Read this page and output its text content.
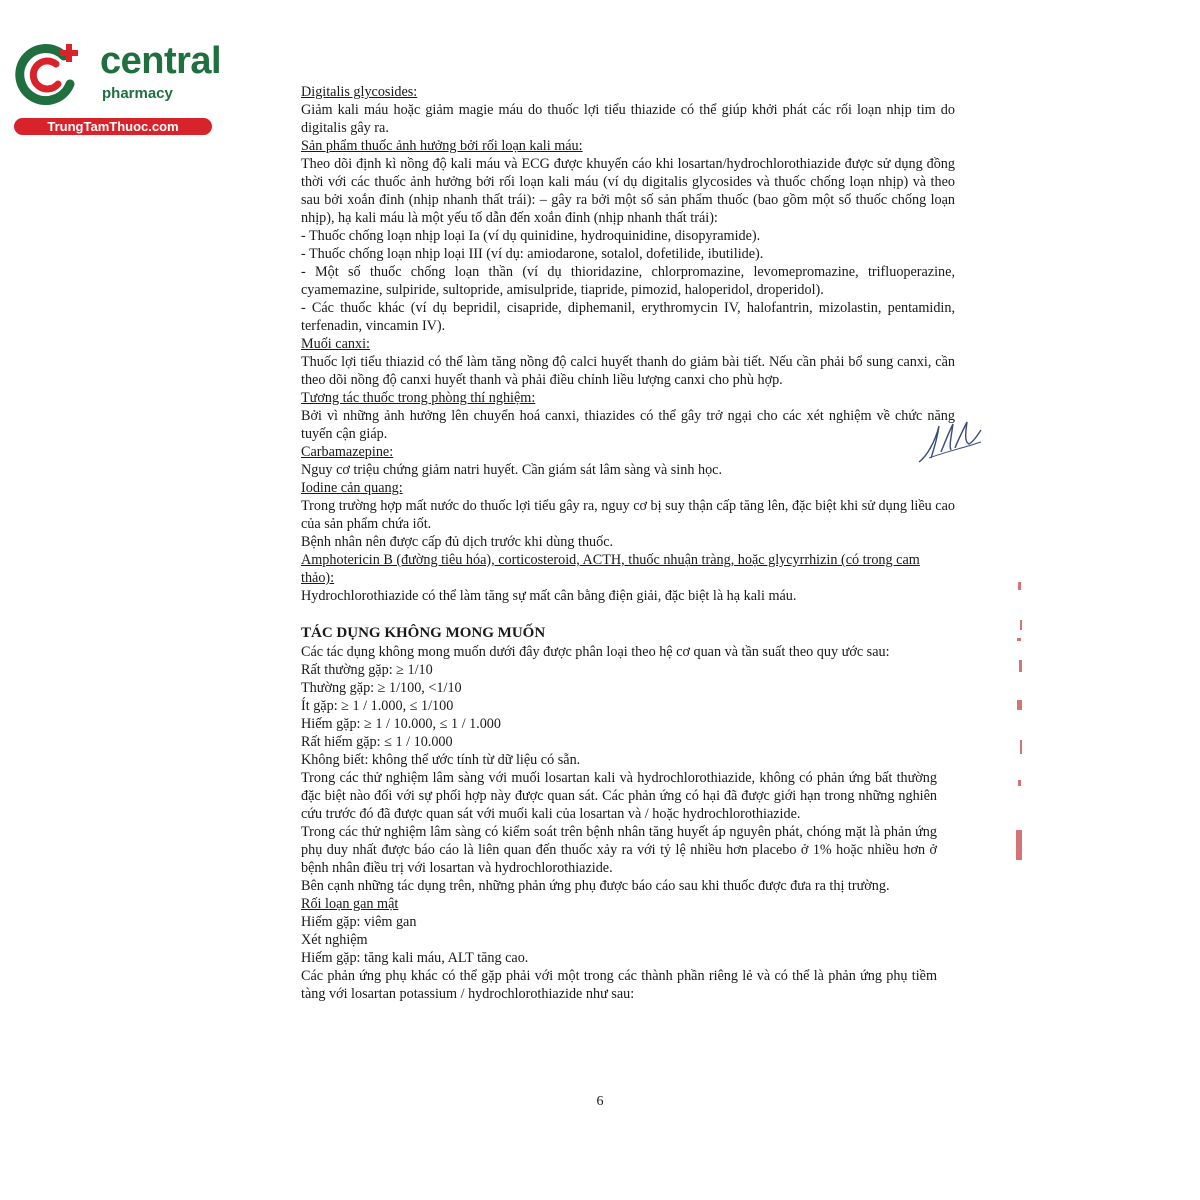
central
pharmacy
TrungTamThuoc.com

Digitalis glycosides:

Giảm kali máu hoặc giảm magie máu do thuốc lợi tiểu thiazide có thể giúp khởi phát các rối loạn nhịp tim do digitalis gây ra.

Sản phẩm thuốc ảnh hưởng bởi rối loạn kali máu:

Theo dõi định kì nồng độ kali máu và ECG được khuyến cáo khi losartan/hydrochlorothiazide được sử dụng đồng thời với các thuốc ảnh hưởng bởi rối loạn kali máu (ví dụ digitalis glycosides và thuốc chống loạn nhịp) và theo sau bởi xoắn đỉnh (nhịp nhanh thất trái): – gây ra bởi một số sản phẩm thuốc (bao gồm một số thuốc chống loạn nhịp), hạ kali máu là một yếu tố dẫn đến xoắn đỉnh (nhịp nhanh thất trái):

- Thuốc chống loạn nhịp loại Ia (ví dụ quinidine, hydroquinidine, disopyramide).

- Thuốc chống loạn nhịp loại III (ví dụ: amiodarone, sotalol, dofetilide, ibutilide).

- Một số thuốc chống loạn thần (ví dụ thioridazine, chlorpromazine, levomepromazine, trifluoperazine, cyamemazine, sulpiride, sultopride, amisulpride, tiapride, pimozid, haloperidol, droperidol).

- Các thuốc khác (ví dụ bepridil, cisapride, diphemanil, erythromycin IV, halofantrin, mizolastin, pentamidin, terfenadin, vincamin IV).

Muối canxi:

Thuốc lợi tiểu thiazid có thể làm tăng nồng độ calci huyết thanh do giảm bài tiết. Nếu cần phải bổ sung canxi, cần theo dõi nồng độ canxi huyết thanh và phải điều chỉnh liều lượng canxi cho phù hợp.

Tương tác thuốc trong phòng thí nghiệm:

Bởi vì những ảnh hưởng lên chuyển hoá canxi, thiazides có thể gây trở ngại cho các xét nghiệm về chức năng tuyến cận giáp.

Carbamazepine:

Nguy cơ triệu chứng giảm natri huyết. Cần giám sát lâm sàng và sinh học.

Iodine cản quang:

Trong trường hợp mất nước do thuốc lợi tiểu gây ra, nguy cơ bị suy thận cấp tăng lên, đặc biệt khi sử dụng liều cao của sản phẩm chứa iốt.

Bệnh nhân nên được cấp đủ dịch trước khi dùng thuốc.

Amphotericin B (đường tiêu hóa), corticosteroid, ACTH, thuốc nhuận tràng, hoặc glycyrrhizin (có trong cam thảo):

Hydrochlorothiazide có thể làm tăng sự mất cân bằng điện giải, đặc biệt là hạ kali máu.

TÁC DỤNG KHÔNG MONG MUỐN

Các tác dụng không mong muốn dưới đây được phân loại theo hệ cơ quan và tần suất theo quy ước sau:

Rất thường gặp: ≥ 1/10

Thường gặp: ≥ 1/100, <1/10

Ít gặp: ≥ 1 / 1.000, ≤ 1/100

Hiếm gặp: ≥ 1 / 10.000, ≤ 1 / 1.000

Rất hiếm gặp: ≤ 1 / 10.000

Không biết: không thể ước tính từ dữ liệu có sẵn.

Trong các thử nghiệm lâm sàng với muối losartan kali và hydrochlorothiazide, không có phản ứng bất thường đặc biệt nào đối với sự phối hợp này được quan sát. Các phản ứng có hại đã được giới hạn trong những nghiên cứu trước đó đã được quan sát với muối kali của losartan và / hoặc hydrochlorothiazide.

Trong các thử nghiệm lâm sàng có kiểm soát trên bệnh nhân tăng huyết áp nguyên phát, chóng mặt là phản ứng phụ duy nhất được báo cáo là liên quan đến thuốc xảy ra với tỷ lệ nhiều hơn placebo ở 1% hoặc nhiều hơn ở bệnh nhân điều trị với losartan và hydrochlorothiazide.

Bên cạnh những tác dụng trên, những phản ứng phụ được báo cáo sau khi thuốc được đưa ra thị trường.

Rối loạn gan mật

Hiếm gặp: viêm gan

Xét nghiệm

Hiếm gặp: tăng kali máu, ALT tăng cao.

Các phản ứng phụ khác có thể gặp phải với một trong các thành phần riêng lẻ và có thể là phản ứng phụ tiềm tàng với losartan potassium / hydrochlorothiazide như sau:

6
